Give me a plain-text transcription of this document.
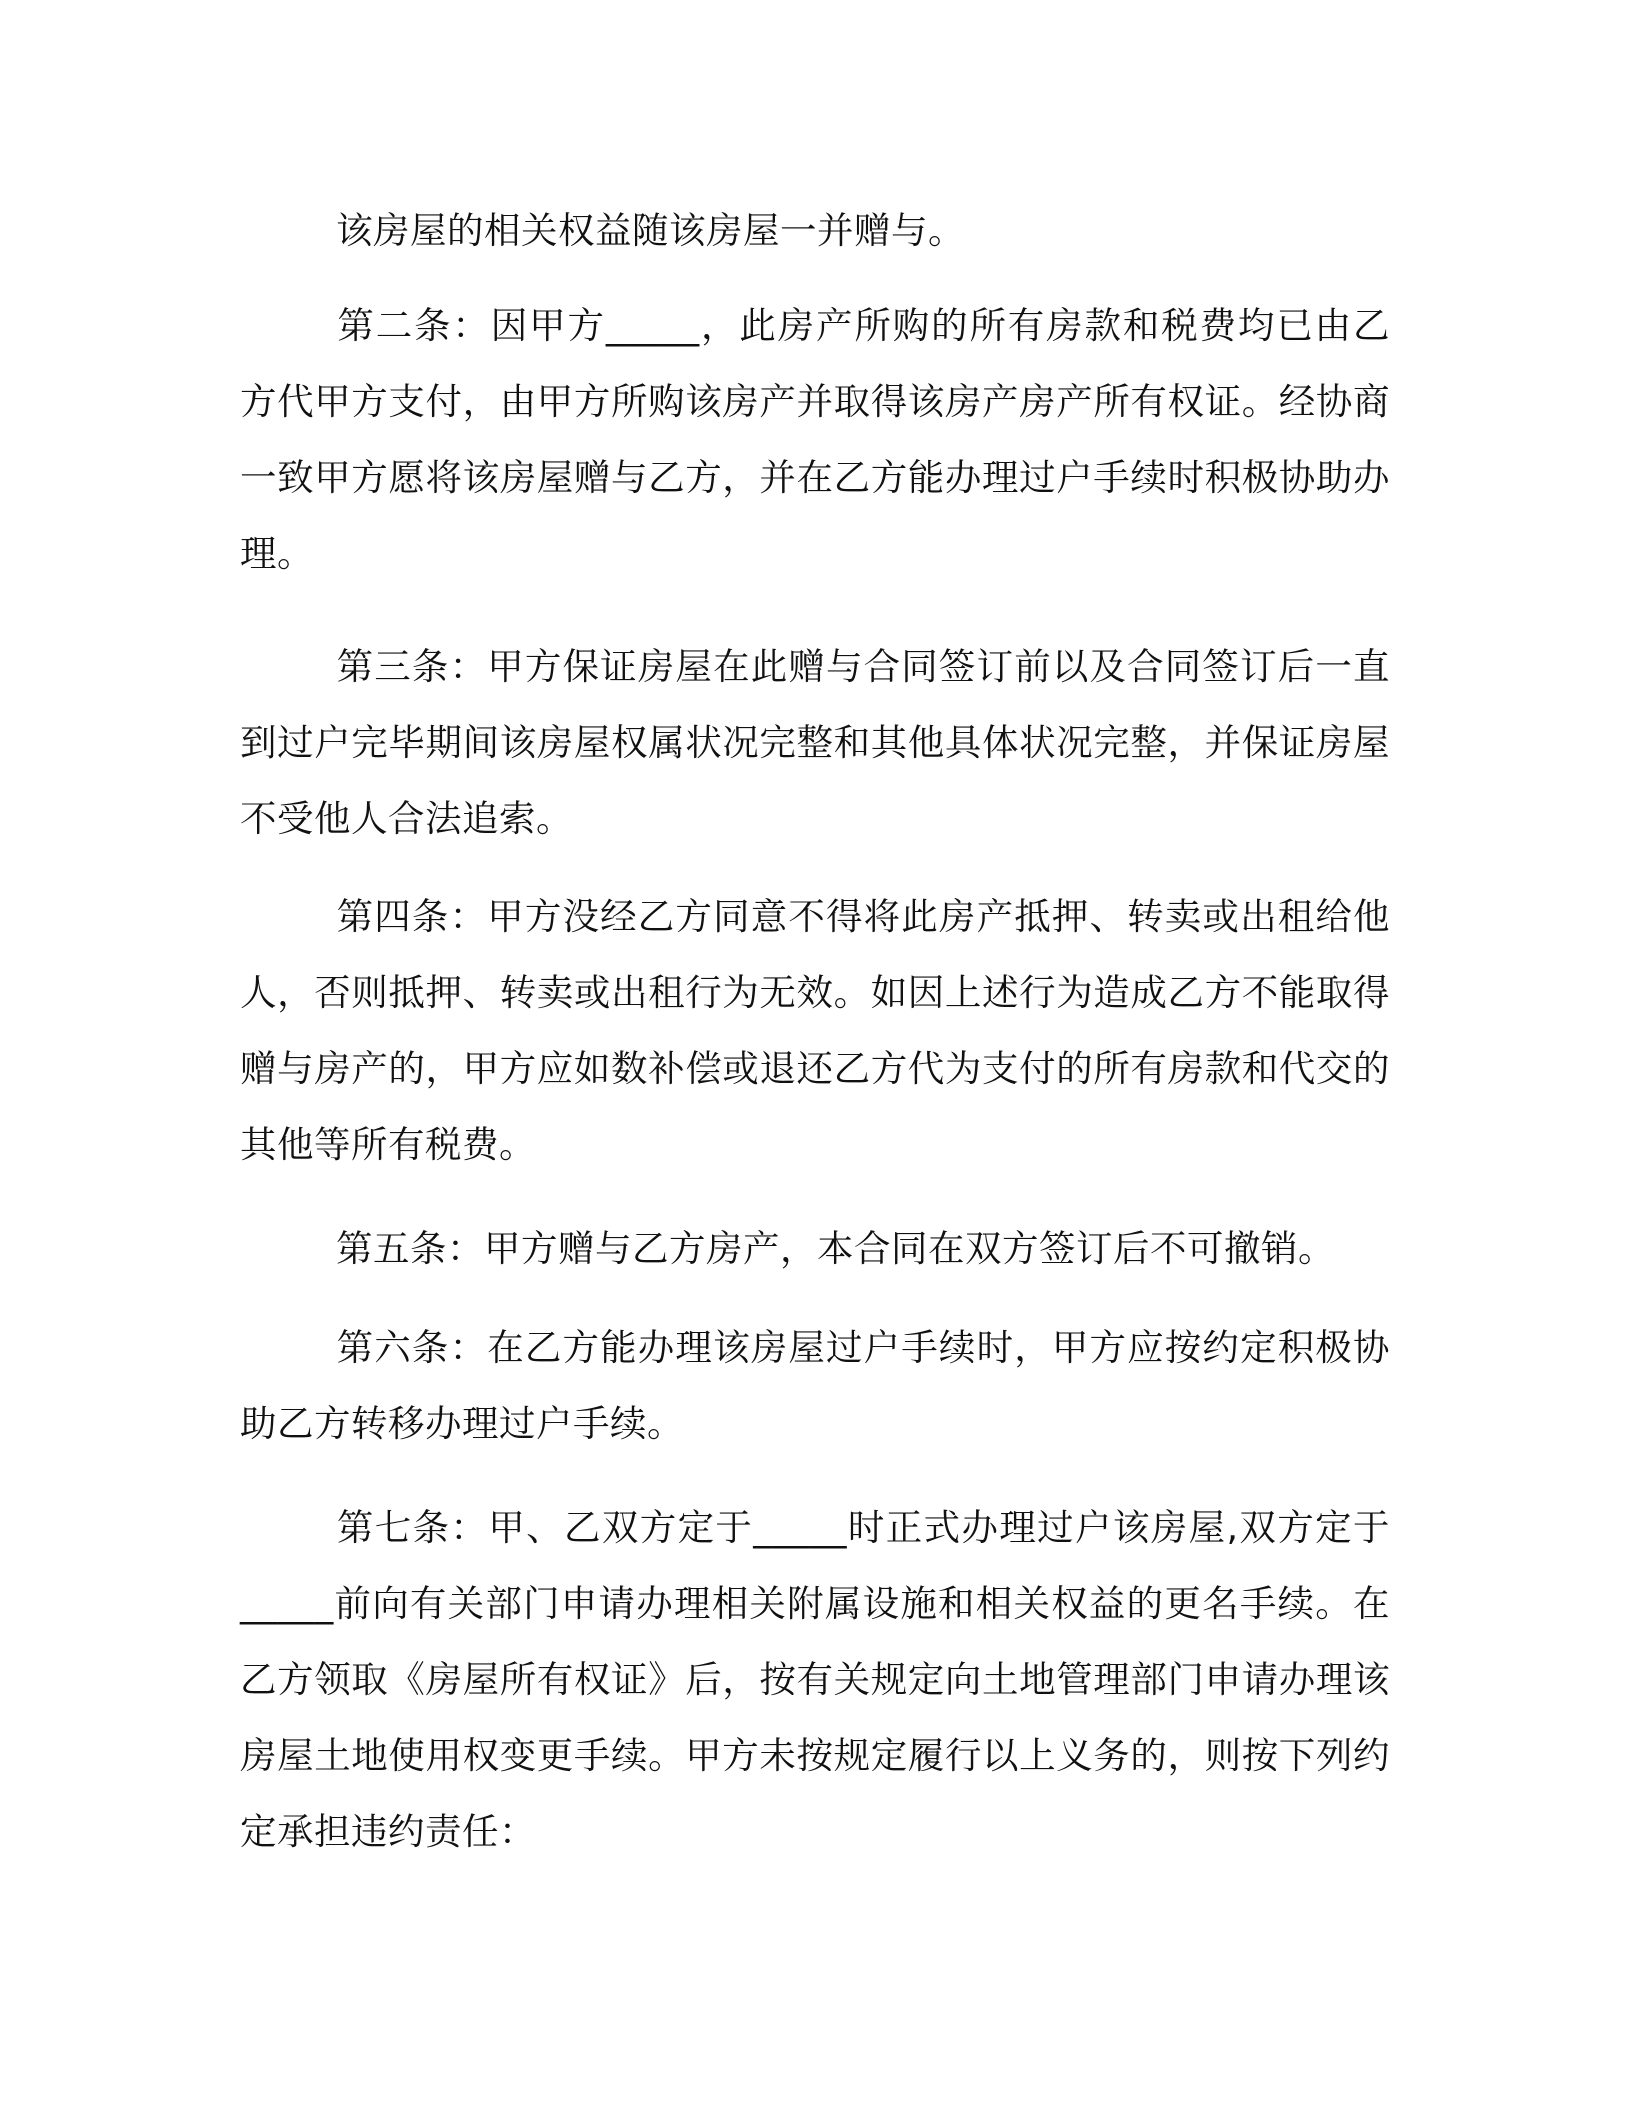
该房屋的相关权益随该房屋一并赠与。

第二条：因甲方_____，此房产所购的所有房款和税费均已由乙方代甲方支付，由甲方所购该房产并取得该房产房产所有权证。经协商一致甲方愿将该房屋赠与乙方，并在乙方能办理过户手续时积极协助办理。

第三条：甲方保证房屋在此赠与合同签订前以及合同签订后一直到过户完毕期间该房屋权属状况完整和其他具体状况完整，并保证房屋不受他人合法追索。

第四条：甲方没经乙方同意不得将此房产抵押、转卖或出租给他人，否则抵押、转卖或出租行为无效。如因上述行为造成乙方不能取得赠与房产的，甲方应如数补偿或退还乙方代为支付的所有房款和代交的其他等所有税费。

第五条：甲方赠与乙方房产，本合同在双方签订后不可撤销。

第六条：在乙方能办理该房屋过户手续时，甲方应按约定积极协助乙方转移办理过户手续。

第七条：甲、乙双方定于_____时正式办理过户该房屋,双方定于_____前向有关部门申请办理相关附属设施和相关权益的更名手续。在乙方领取《房屋所有权证》后，按有关规定向土地管理部门申请办理该房屋土地使用权变更手续。甲方未按规定履行以上义务的，则按下列约定承担违约责任：
